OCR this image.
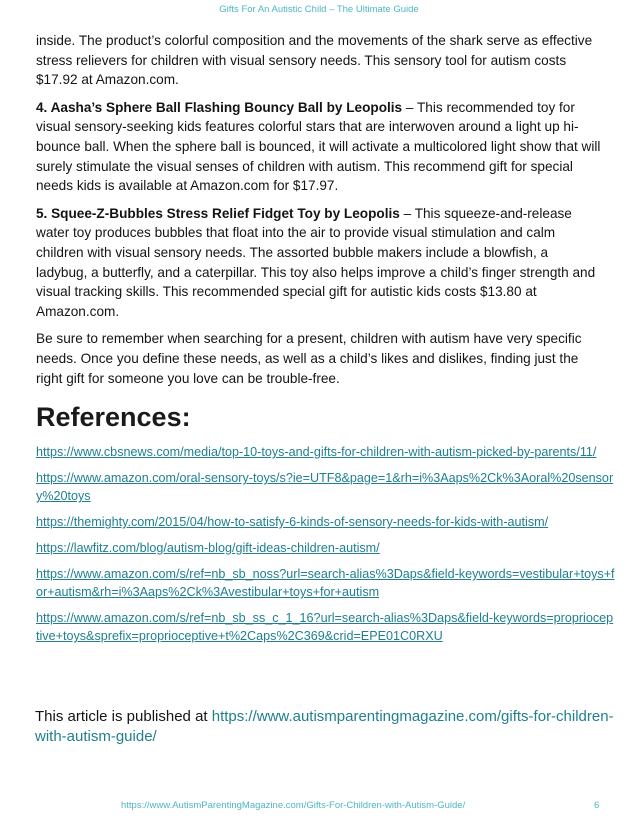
Gifts For An Autistic Child – The Ultimate Guide

inside. The product’s colorful composition and the movements of the shark serve as effective stress relievers for children with visual sensory needs. This sensory tool for autism costs $17.92 at Amazon.com.

4. Aasha’s Sphere Ball Flashing Bouncy Ball by Leopolis – This recommended toy for visual sensory-seeking kids features colorful stars that are interwoven around a light up hi-bounce ball. When the sphere ball is bounced, it will activate a multicolored light show that will surely stimulate the visual senses of children with autism. This recommend gift for special needs kids is available at Amazon.com for $17.97.

5. Squee-Z-Bubbles Stress Relief Fidget Toy by Leopolis – This squeeze-and-release water toy produces bubbles that float into the air to provide visual stimulation and calm children with visual sensory needs. The assorted bubble makers include a blowfish, a ladybug, a butterfly, and a caterpillar. This toy also helps improve a child’s finger strength and visual tracking skills. This recommended special gift for autistic kids costs $13.80 at Amazon.com.

Be sure to remember when searching for a present, children with autism have very specific needs. Once you define these needs, as well as a child’s likes and dislikes, finding just the right gift for someone you love can be trouble-free.

References:
https://www.cbsnews.com/media/top-10-toys-and-gifts-for-children-with-autism-picked-by-parents/11/
https://www.amazon.com/oral-sensory-toys/s?ie=UTF8&page=1&rh=i%3Aaps%2Ck%3Aoral%20sensory%20toys
https://themighty.com/2015/04/how-to-satisfy-6-kinds-of-sensory-needs-for-kids-with-autism/
https://lawfitz.com/blog/autism-blog/gift-ideas-children-autism/
https://www.amazon.com/s/ref=nb_sb_noss?url=search-alias%3Daps&field-keywords=vestibular+toys+for+autism&rh=i%3Aaps%2Ck%3Avestibular+toys+for+autism
https://www.amazon.com/s/ref=nb_sb_ss_c_1_16?url=search-alias%3Daps&field-keywords=proprioceptive+toys&sprefix=proprioceptive+t%2Caps%2C369&crid=EPE01C0RXU
This article is published at https://www.autismparentingmagazine.com/gifts-for-children-with-autism-guide/
https://www.AutismParentingMagazine.com/Gifts-For-Children-with-Autism-Guide/	6
